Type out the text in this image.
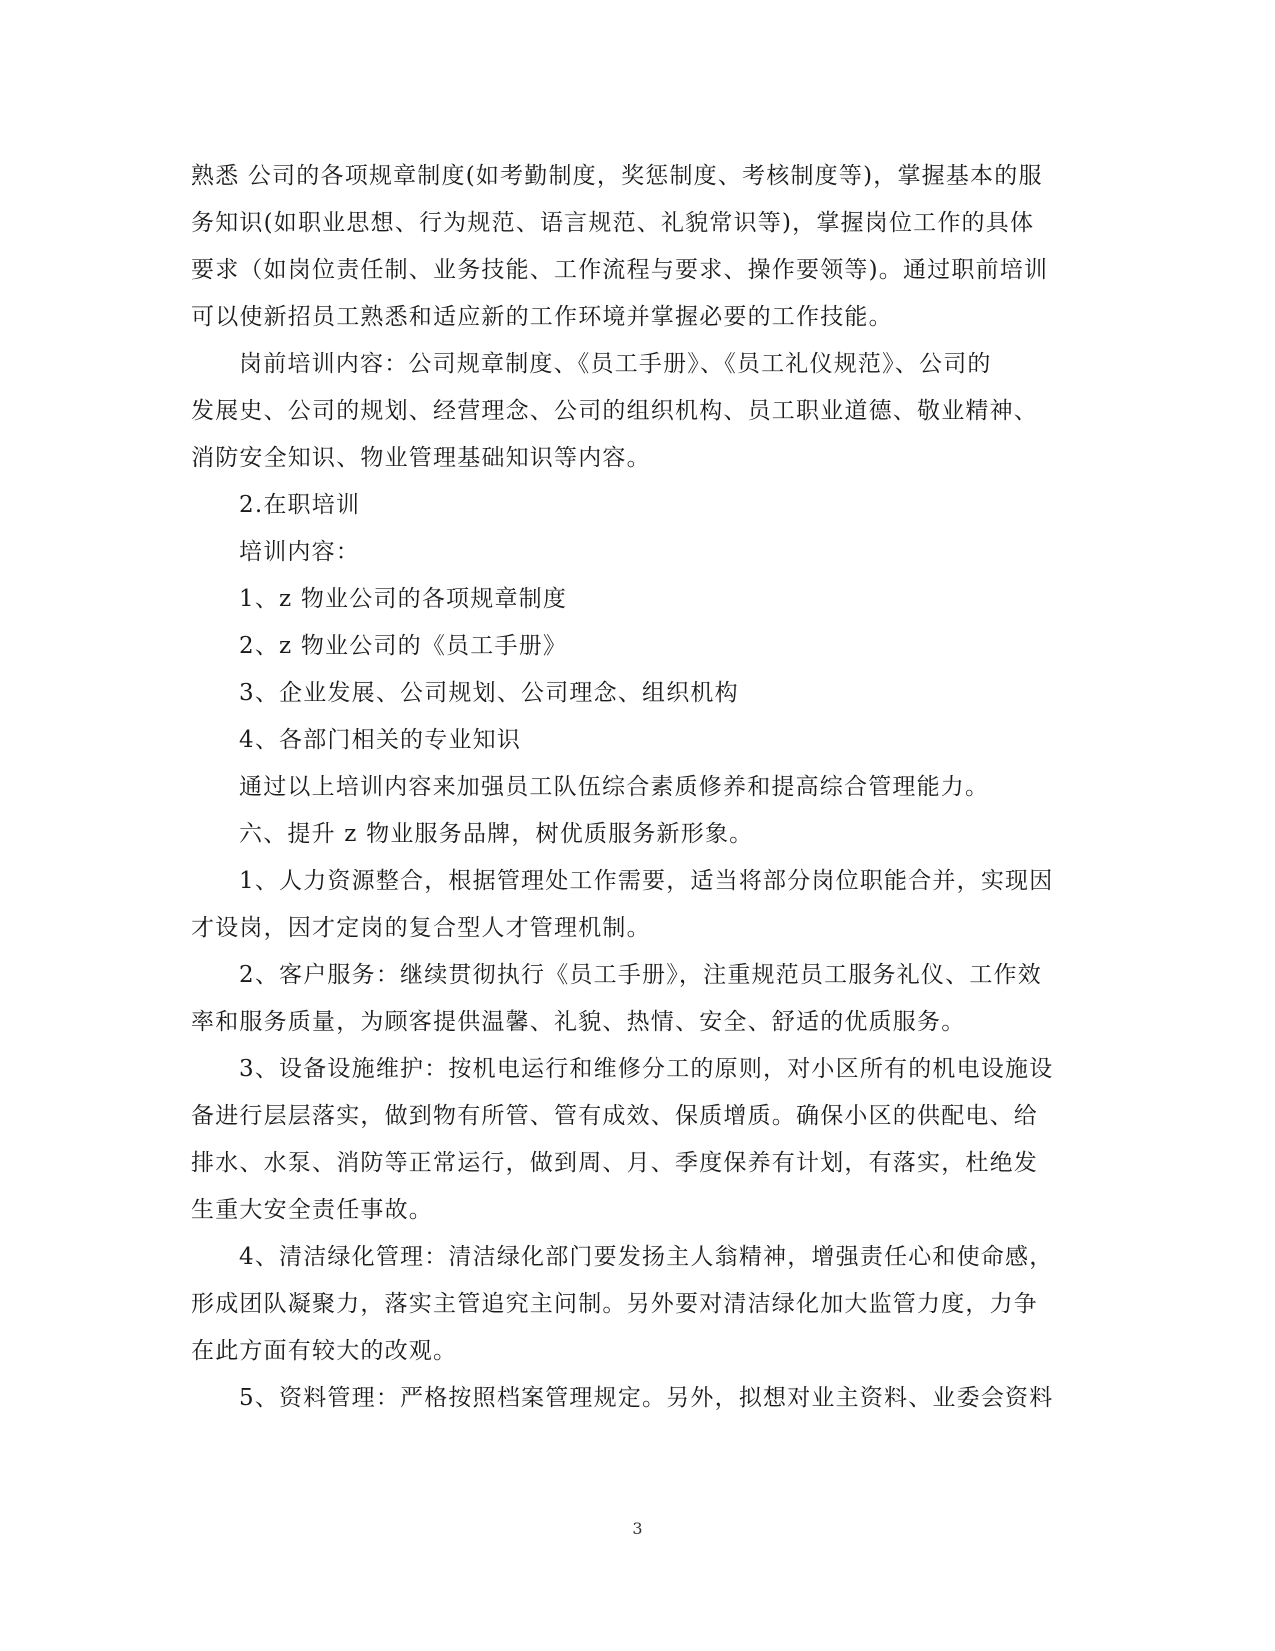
熟悉 公司的各项规章制度(如考勤制度，奖惩制度、考核制度等)，掌握基本的服
务知识(如职业思想、行为规范、语言规范、礼貌常识等)，掌握岗位工作的具体
要求（如岗位责任制、业务技能、工作流程与要求、操作要领等)。通过职前培训
可以使新招员工熟悉和适应新的工作环境并掌握必要的工作技能。
岗前培训内容：公司规章制度、《员工手册》、《员工礼仪规范》、公司的
发展史、公司的规划、经营理念、公司的组织机构、员工职业道德、敬业精神、
消防安全知识、物业管理基础知识等内容。
2.在职培训
培训内容：
1、z 物业公司的各项规章制度
2、z 物业公司的《员工手册》
3、企业发展、公司规划、公司理念、组织机构
4、各部门相关的专业知识
通过以上培训内容来加强员工队伍综合素质修养和提高综合管理能力。
六、提升 z 物业服务品牌，树优质服务新形象。
1、人力资源整合，根据管理处工作需要，适当将部分岗位职能合并，实现因
才设岗，因才定岗的复合型人才管理机制。
2、客户服务：继续贯彻执行《员工手册》，注重规范员工服务礼仪、工作效
率和服务质量，为顾客提供温馨、礼貌、热情、安全、舒适的优质服务。
3、设备设施维护：按机电运行和维修分工的原则，对小区所有的机电设施设
备进行层层落实，做到物有所管、管有成效、保质增质。确保小区的供配电、给
排水、水泵、消防等正常运行，做到周、月、季度保养有计划，有落实，杜绝发
生重大安全责任事故。
4、清洁绿化管理：清洁绿化部门要发扬主人翁精神，增强责任心和使命感，
形成团队凝聚力，落实主管追究主问制。另外要对清洁绿化加大监管力度，力争
在此方面有较大的改观。
5、资料管理：严格按照档案管理规定。另外，拟想对业主资料、业委会资料
3
